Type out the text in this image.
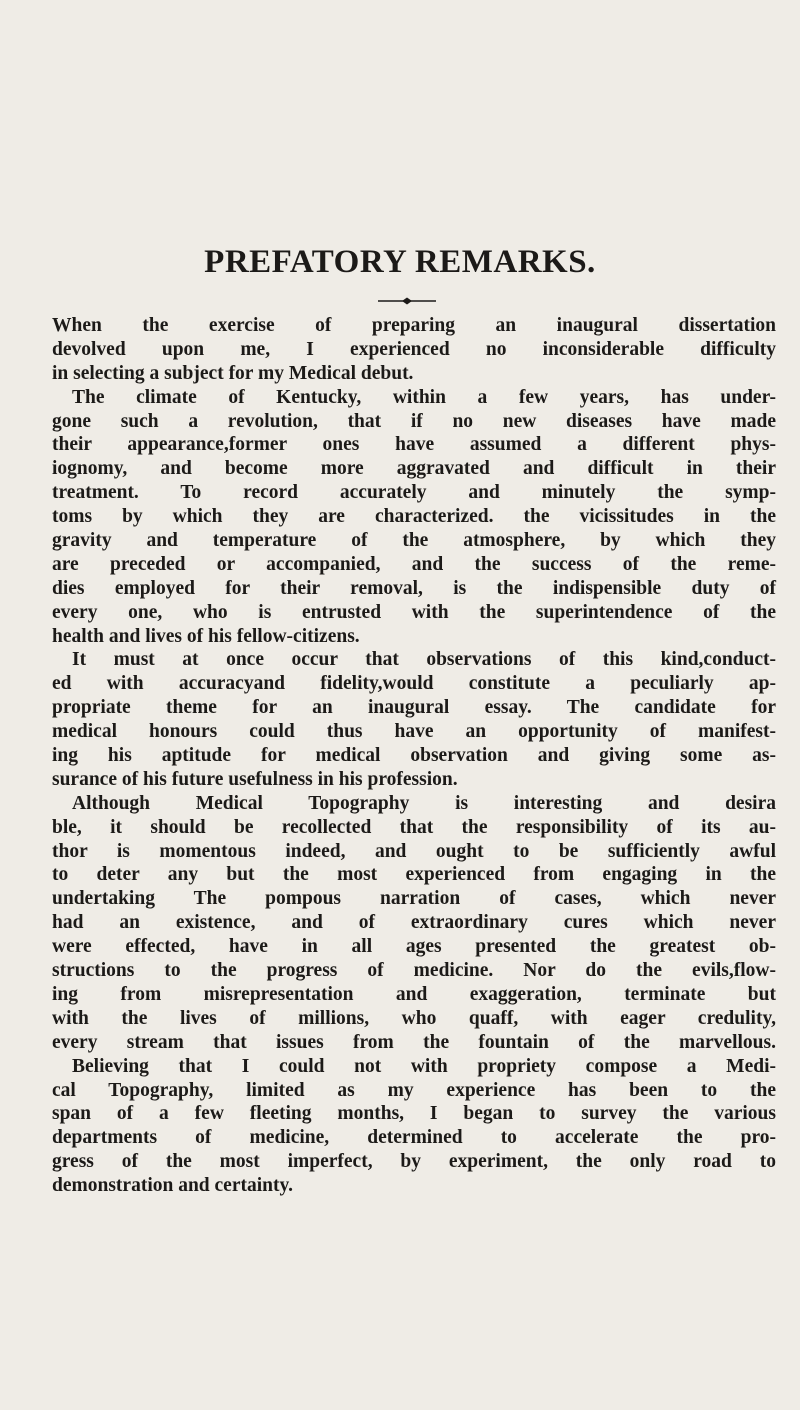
PREFATORY REMARKS.
When the exercise of preparing an inaugural dissertation
devolved upon me, I experienced no inconsiderable difficulty
in selecting a subject for my Medical debut.
The climate of Kentucky, within a few years, has under-
gone such a revolution, that if no new diseases have made
their appearance,former ones have assumed a different phys-
iognomy, and become more aggravated and difficult in their
treatment. To record accurately and minutely the symp-
toms by which they are characterized. the vicissitudes in the
gravity and temperature of the atmosphere, by which they
are preceded or accompanied, and the success of the reme-
dies employed for their removal, is the indispensible duty of
every one, who is entrusted with the superintendence of the
health and lives of his fellow-citizens.
It must at once occur that observations of this kind,conduct-
ed with accuracyand fidelity,would constitute a peculiarly ap-
propriate theme for an inaugural essay. The candidate for
medical honours could thus have an opportunity of manifest-
ing his aptitude for medical observation and giving some as-
surance of his future usefulness in his profession.
Although Medical Topography is interesting and desira
ble, it should be recollected that the responsibility of its au-
thor is momentous indeed, and ought to be sufficiently awful
to deter any but the most experienced from engaging in the
undertaking The pompous narration of cases, which never
had an existence, and of extraordinary cures which never
were effected, have in all ages presented the greatest ob-
structions to the progress of medicine. Nor do the evils,flow-
ing from misrepresentation and exaggeration, terminate but
with the lives of millions, who quaff, with eager credulity,
every stream that issues from the fountain of the marvellous.
Believing that I could not with propriety compose a Medi-
cal Topography, limited as my experience has been to the
span of a few fleeting months, I began to survey the various
departments of medicine, determined to accelerate the pro-
gress of the most imperfect, by experiment, the only road to
demonstration and certainty.
